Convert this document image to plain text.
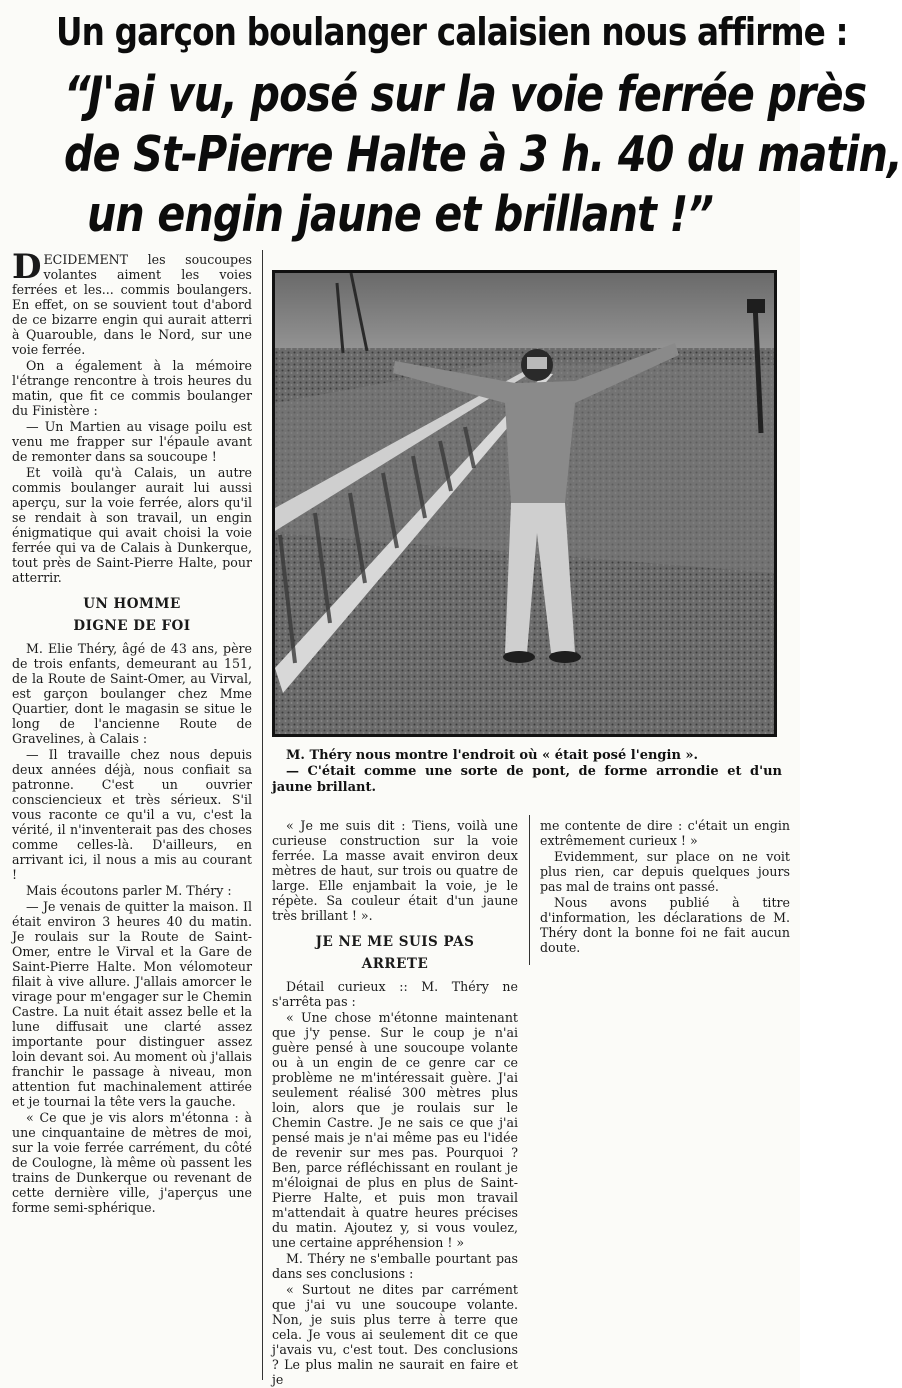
Un garçon boulanger calaisien nous affirme :
“J'ai vu, posé sur la voie ferrée près
de St-Pierre Halte à 3 h. 40 du matin,
un engin jaune et brillant !”

DECIDEMENT les soucoupes volantes aiment les voies ferrées et les... commis boulangers. En effet, on se souvient tout d'abord de ce bizarre engin qui aurait atterri à Quarouble, dans le Nord, sur une voie ferrée.

On a également à la mémoire l'étrange rencontre à trois heures du matin, que fit ce commis boulanger du Finistère :

— Un Martien au visage poilu est venu me frapper sur l'épaule avant de remonter dans sa soucoupe !

Et voilà qu'à Calais, un autre commis boulanger aurait lui aussi aperçu, sur la voie ferrée, alors qu'il se rendait à son travail, un engin énigmatique qui avait choisi la voie ferrée qui va de Calais à Dunkerque, tout près de Saint-Pierre Halte, pour atterrir.

UN HOMME
DIGNE DE FOI

M. Elie Théry, âgé de 43 ans, père de trois enfants, demeurant au 151, de la Route de Saint-Omer, au Virval, est garçon boulanger chez Mme Quartier, dont le magasin se situe le long de l'ancienne Route de Gravelines, à Calais :

— Il travaille chez nous depuis deux années déjà, nous confiait sa patronne. C'est un ouvrier consciencieux et très sérieux. S'il vous raconte ce qu'il a vu, c'est la vérité, il n'inventerait pas des choses comme celles-là. D'ailleurs, en arrivant ici, il nous a mis au courant !

Mais écoutons parler M. Théry :

— Je venais de quitter la maison. Il était environ 3 heures 40 du matin. Je roulais sur la Route de Saint-Omer, entre le Virval et la Gare de Saint-Pierre Halte. Mon vélomoteur filait à vive allure. J'allais amorcer le virage pour m'engager sur le Chemin Castre. La nuit était assez belle et la lune diffusait une clarté assez importante pour distinguer assez loin devant soi. Au moment où j'allais franchir le passage à niveau, mon attention fut machinalement attirée et je tournai la tête vers la gauche.

« Ce que je vis alors m'étonna : à une cinquantaine de mètres de moi, sur la voie ferrée carrément, du côté de Coulogne, là même où passent les trains de Dunkerque ou revenant de cette dernière ville, j'aperçus une forme semi-sphérique.

M. Théry nous montre l'endroit où « était posé l'engin ».

— C'était comme une sorte de pont, de forme arrondie et d'un jaune brillant.

« Je me suis dit : Tiens, voilà une curieuse construction sur la voie ferrée. La masse avait environ deux mètres de haut, sur trois ou quatre de large. Elle enjambait la voie, je le répète. Sa couleur était d'un jaune très brillant ! ».

JE NE ME SUIS PAS
ARRETE

Détail curieux :: M. Théry ne s'arrêta pas :

« Une chose m'étonne maintenant que j'y pense. Sur le coup je n'ai guère pensé à une soucoupe volante ou à un engin de ce genre car ce problème ne m'intéressait guère. J'ai seulement réalisé 300 mètres plus loin, alors que je roulais sur le Chemin Castre. Je ne sais ce que j'ai pensé mais je n'ai même pas eu l'idée de revenir sur mes pas. Pourquoi ? Ben, parce réfléchissant en roulant je m'éloignai de plus en plus de Saint-Pierre Halte, et puis mon travail m'attendait à quatre heures précises du matin. Ajoutez y, si vous voulez, une certaine appréhension ! »

M. Théry ne s'emballe pourtant pas dans ses conclusions :

« Surtout ne dites par carrément que j'ai vu une soucoupe volante. Non, je suis plus terre à terre que cela. Je vous ai seulement dit ce que j'avais vu, c'est tout. Des conclusions ? Le plus malin ne saurait en faire et je

me contente de dire : c'était un engin extrêmement curieux ! »

Evidemment, sur place on ne voit plus rien, car depuis quelques jours pas mal de trains ont passé.

Nous avons publié à titre d'information, les déclarations de M. Théry dont la bonne foi ne fait aucun doute.
